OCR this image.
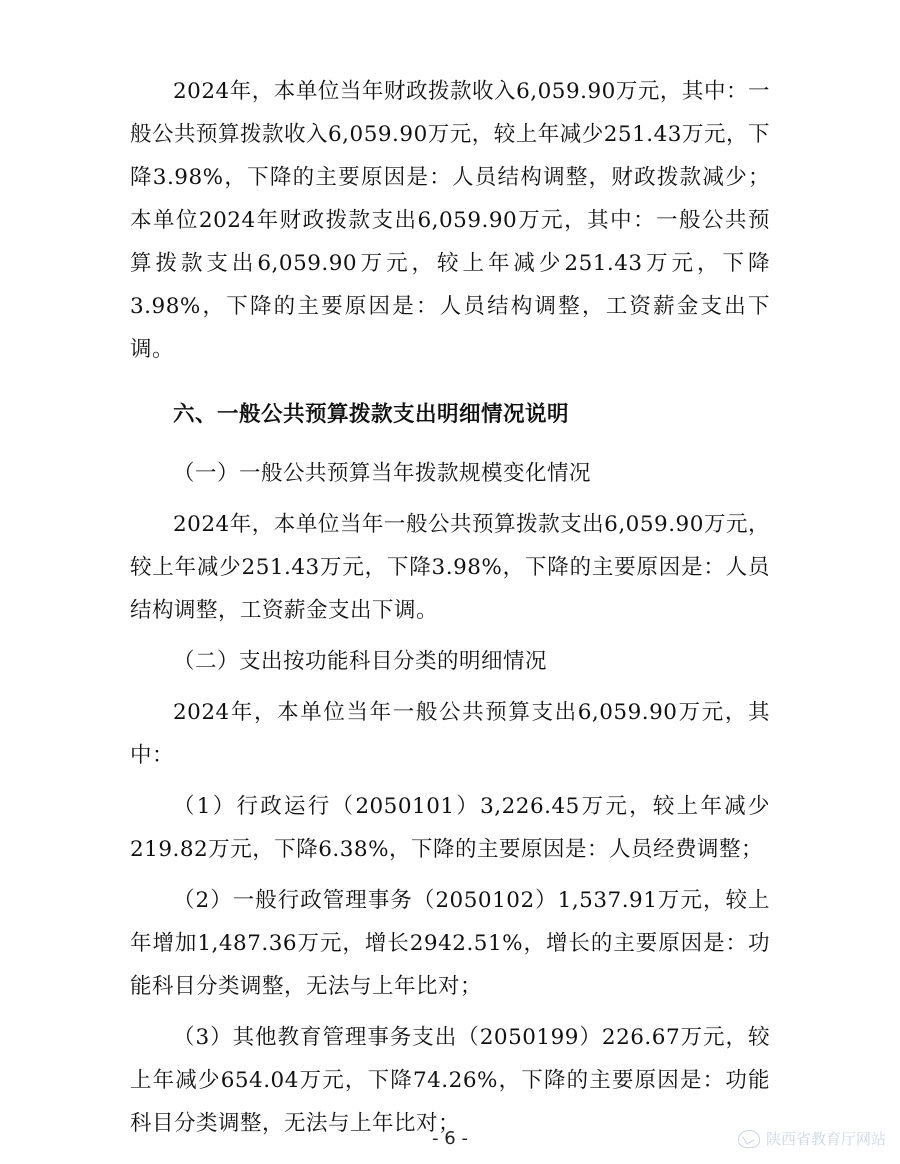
2024年，本单位当年财政拨款收入6,059.90万元，其中：一般公共预算拨款收入6,059.90万元，较上年减少251.43万元，下降3.98%，下降的主要原因是：人员结构调整，财政拨款减少；本单位2024年财政拨款支出6,059.90万元，其中：一般公共预算拨款支出6,059.90万元，较上年减少251.43万元，下降3.98%，下降的主要原因是：人员结构调整，工资薪金支出下调。

六、一般公共预算拨款支出明细情况说明

（一）一般公共预算当年拨款规模变化情况

2024年，本单位当年一般公共预算拨款支出6,059.90万元，较上年减少251.43万元，下降3.98%，下降的主要原因是：人员结构调整，工资薪金支出下调。

（二）支出按功能科目分类的明细情况

2024年，本单位当年一般公共预算支出6,059.90万元，其中：

（1）行政运行（2050101）3,226.45万元，较上年减少219.82万元，下降6.38%，下降的主要原因是：人员经费调整；

（2）一般行政管理事务（2050102）1,537.91万元，较上年增加1,487.36万元，增长2942.51%，增长的主要原因是：功能科目分类调整，无法与上年比对；

（3）其他教育管理事务支出（2050199）226.67万元，较上年减少654.04万元，下降74.26%，下降的主要原因是：功能科目分类调整，无法与上年比对；

- 6 -	陕西省教育厅网站
